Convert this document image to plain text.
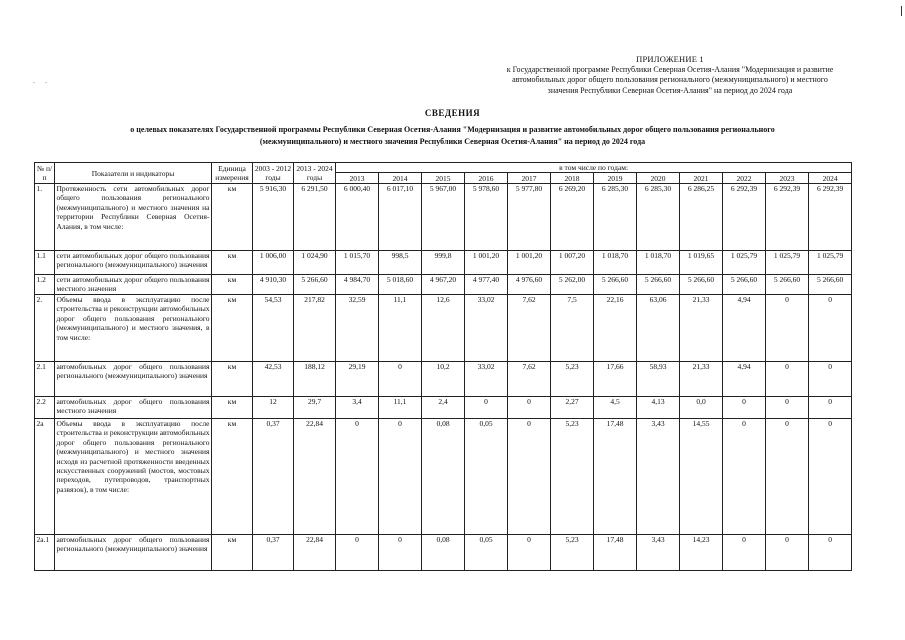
. .
ПРИЛОЖЕНИЕ 1
к Государственной программе Республики Северная Осетия-Алания "Модернизация и развитие
автомобильных дорог общего пользования регионального (межмуниципального) и местного
значения Республики Северная Осетия-Алания" на период до 2024 года
СВЕДЕНИЯ
о целевых показателях Государственной программы Республики Северная Осетия-Алания "Модернизация и развитие автомобильных дорог общего пользования регионального
(межмуниципального) и местного значения Республики Северная Осетия-Алания" на период до 2024 года
№ п/п	Показатели и индикаторы	Единица измерения	2003 - 2012 годы	2013 - 2024 годы	в том числе по годам:											
					2013	2014	2015	2016	2017	2018	2019	2020	2021	2022	2023	2024
1.	Протяженность сети автомобильных дорог общего пользования регионального (межмуниципального) и местного значения на территории Республики Северная Осетия-Алания, в том числе:	км	5 916,30	6 291,50	6 000,40	6 017,10	5 967,00	5 978,60	5 977,80	6 269,20	6 285,30	6 285,30	6 286,25	6 292,39	6 292,39	6 292,39
1.1	сети автомобильных дорог общего пользования регионального (межмуниципального) значения	км	1 006,00	1 024,90	1 015,70	998,5	999,8	1 001,20	1 001,20	1 007,20	1 018,70	1 018,70	1 019,65	1 025,79	1 025,79	1 025,79
1.2	сети автомобильных дорог общего пользования местного значения	км	4 910,30	5 266,60	4 984,70	5 018,60	4 967,20	4 977,40	4 976,60	5 262,00	5 266,60	5 266,60	5 266,60	5 266,60	5 266,60	5 266,60
2.	Объемы ввода в эксплуатацию после строительства и реконструкции автомобильных дорог общего пользования регионального (межмуниципального) и местного значения, в том числе:	км	54,53	217,82	32,59	11,1	12,6	33,02	7,62	7,5	22,16	63,06	21,33	4,94	0	0
2.1	автомобильных дорог общего пользования регионального (межмуниципального) значения	км	42,53	188,12	29,19	0	10,2	33,02	7,62	5,23	17,66	58,93	21,33	4,94	0	0
2.2	автомобильных дорог общего пользования местного значения	км	12	29,7	3,4	11,1	2,4	0	0	2,27	4,5	4,13	0,0	0	0	0
2a	Объемы ввода в эксплуатацию после строительства и реконструкции автомобильных дорог общего пользования регионального (межмуниципального) и местного значения исходя из расчетной протяженности введенных искусственных сооружений (мостов, мостовых переходов, путепроводов, транспортных развязок), в том числе:	км	0,37	22,84	0	0	0,08	0,05	0	5,23	17,48	3,43	14,55	0	0	0
2a.1	автомобильных дорог общего пользования регионального (межмуниципального) значения	км	0,37	22,84	0	0	0,08	0,05	0	5,23	17,48	3,43	14,23	0	0	0
